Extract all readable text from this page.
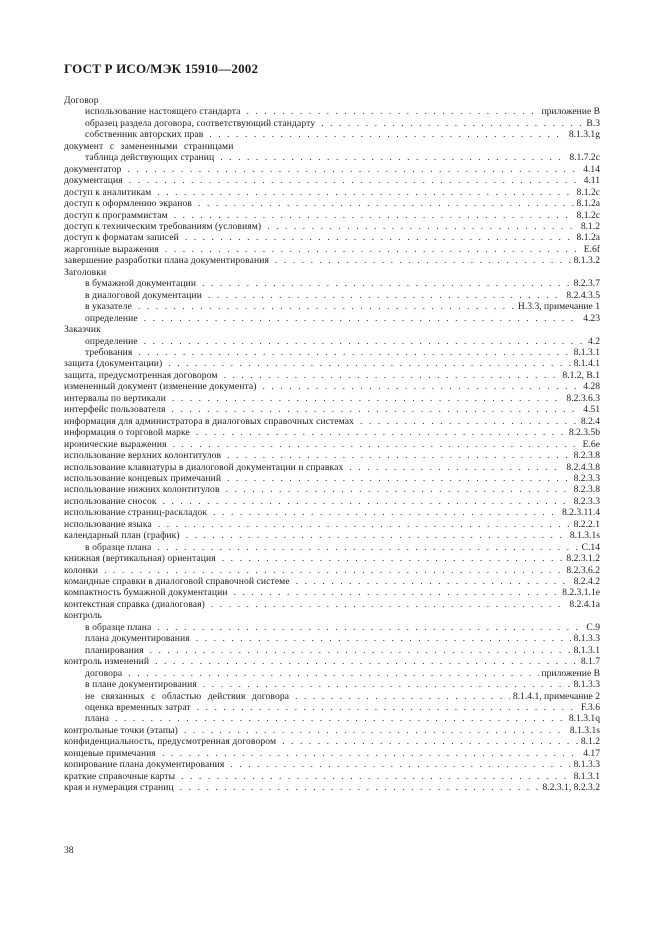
ГОСТ Р ИСО/МЭК 15910—2002
Договор
использование настоящего стандарта .....	приложение В
образец раздела договора, соответствующий стандарту .....	В.3
собственник авторских прав .....	8.1.3.1g
документ с замененными страницами
таблица действующих страниц .....	8.1.7.2с
документатор .....	4.14
документация .....	4.11
доступ к аналитикам .....	8.1.2с
доступ к оформлению экранов .....	8.1.2а
доступ к программистам .....	8.1.2с
доступ к техническим требованиям (условиям) .....	8.1.2
доступ к форматам записей .....	8.1.2а
жаргонные выражения .....	Е.6f
завершение разработки плана документирования .....	8.1.3.2
Заголовки
в бумажной документации .....	8.2.3.7
в диалоговой документации .....	8.2.4.3.5
в указателе .....	Н.3.3, примечание 1
определение .....	4.23
Заказчик
определение .....	4.2
требования .....	8.1.3.1
защита (документации) .....	8.1.4.1
защита, предусмотренная договором .....	8.1.2, В.1
измененный документ (изменение документа) .....	4.28
интервалы по вертикали .....	8.2.3.6.3
интерфейс пользователя .....	4.51
информация для администратора в диалоговых справочных системах .....	8.2.4
информация о торговой марке .....	8.2.3.5b
иронические выражения .....	Е.6е
использование верхних колонтитулов .....	8.2.3.8
использование клавиатуры в диалоговой документации и справках .....	8.2.4.3.8
использование концевых примечаний .....	8.2.3.3
использование нижних колонтитулов .....	8.2.3.8
использование сносок .....	8.2.3.3
использование страниц-раскладок .....	8.2.3.11.4
использование языка .....	8.2.2.1
календарный план (график) .....	8.1.3.1s
в образце плана .....	С.14
книжная (вертикальная) ориентация .....	8.2.3.1.2
колонки .....	8.2.3.6.2
командные справки в диалоговой справочной системе .....	8.2.4.2
компактность бумажной документации .....	8.2.3.1.1е
контекстная справка (диалоговая) .....	8.2.4.1а
контроль
в образце плана .....	С.9
плана документирования .....	8.1.3.3
планирования .....	8.1.3.1
контроль изменений .....	8.1.7
договора .....	приложение В
в плане документирования .....	8.1.3.3
не связанных с областью действия договора .....	8.1.4.1, примечание 2
оценка временных затрат .....	F.3.6
плана .....	8.1.3.1q
контрольные точки (этапы) .....	8.1.3.1s
конфиденциальность, предусмотренная договором .....	8.1.2
концевые примечания .....	4.17
копирование плана документирования .....	8.1.3.3
краткие справочные карты .....	8.1.3.1
края и нумерация страниц .....	8.2.3.1, 8.2.3.2
38
